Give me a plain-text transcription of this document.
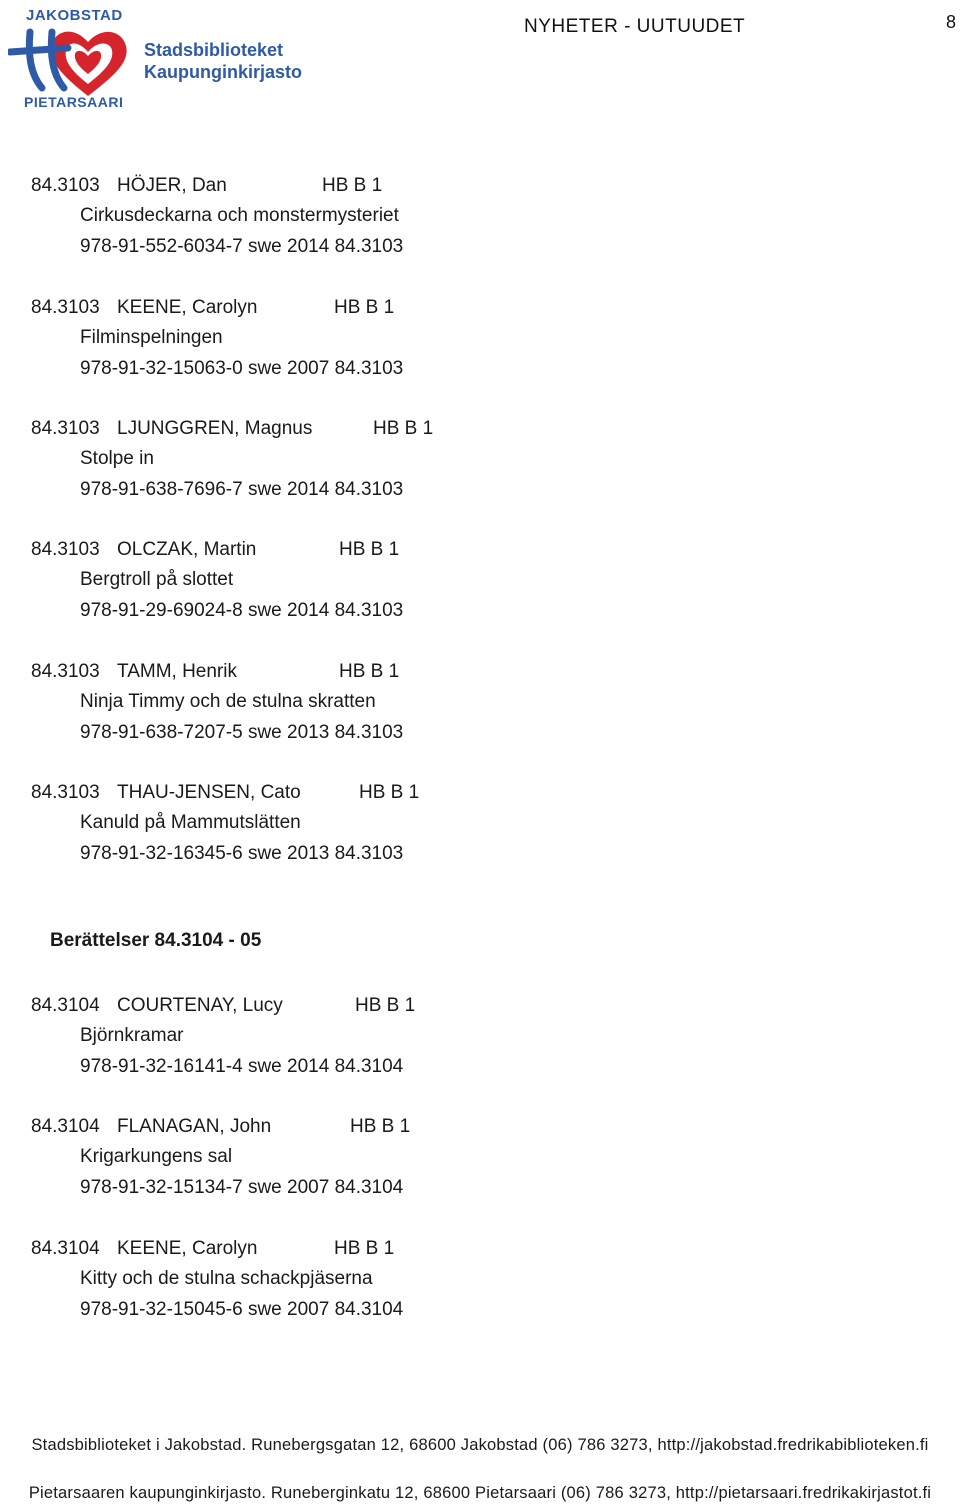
JAKOBSTAD
PIETARSAARI
Stadsbiblioteket
Kaupunginkirjasto
NYHETER - UUTUUDET	8
84.3103 HÖJER, Dan	HB B 1
Cirkusdeckarna och monstermysteriet
978-91-552-6034-7 swe 2014 84.3103
84.3103 KEENE, Carolyn	HB B 1
Filminspelningen
978-91-32-15063-0 swe 2007 84.3103
84.3103 LJUNGGREN, Magnus	HB B 1
Stolpe in
978-91-638-7696-7 swe 2014 84.3103
84.3103 OLCZAK, Martin	HB B 1
Bergtroll på slottet
978-91-29-69024-8 swe 2014 84.3103
84.3103 TAMM, Henrik	HB B 1
Ninja Timmy och de stulna skratten
978-91-638-7207-5 swe 2013 84.3103
84.3103 THAU-JENSEN, Cato	HB B 1
Kanuld på Mammutslätten
978-91-32-16345-6 swe 2013 84.3103
Berättelser 84.3104 - 05
84.3104 COURTENAY, Lucy	HB B 1
Björnkramar
978-91-32-16141-4 swe 2014 84.3104
84.3104 FLANAGAN, John	HB B 1
Krigarkungens sal
978-91-32-15134-7 swe 2007 84.3104
84.3104 KEENE, Carolyn	HB B 1
Kitty och de stulna schackpjäserna
978-91-32-15045-6 swe 2007 84.3104
Stadsbiblioteket i Jakobstad. Runebergsgatan 12, 68600 Jakobstad (06) 786 3273, http://jakobstad.fredrikabiblioteken.fi
Pietarsaaren kaupunginkirjasto. Runeberginkatu 12, 68600 Pietarsaari (06) 786 3273, http://pietarsaari.fredrikakirjastot.fi
